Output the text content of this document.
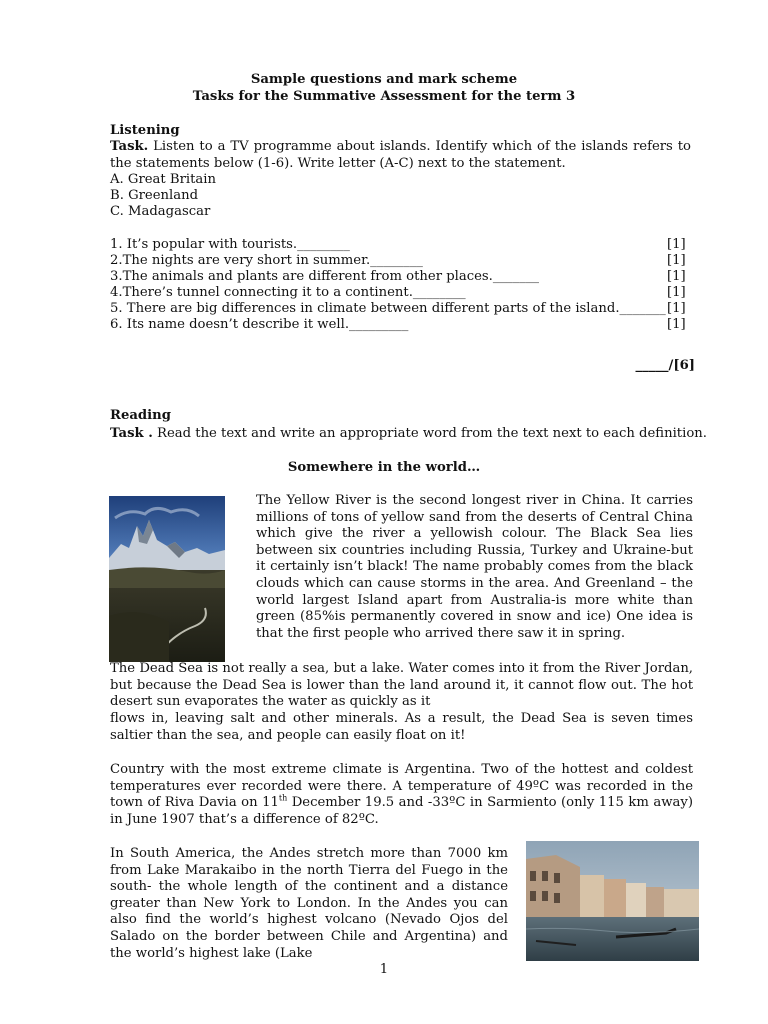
Sample questions and mark scheme
Tasks for the Summative Assessment for the term 3
Listening
Task. Listen to a TV programme about islands. Identify which of the islands refers to the statements below (1-6). Write letter (A-C) next to the statement.
A. Great Britain
B. Greenland
C. Madagascar
1. It’s popular with tourists.________	[1]
2.The nights are very short in summer.________	[1]
3.The animals and plants are different from other places._______	[1]
4.There’s tunnel connecting it to a continent.________	[1]
5. There are big differences in climate between different parts of the island._______ [1]
6. Its name doesn’t describe it well._________	[1]
_____/[6]
Reading
Task . Read the text and write an appropriate word from the text next to each definition.
Somewhere in the world…
The Yellow River is the second longest river in China. It carries millions of tons of yellow sand from the deserts of Central China which give the river a yellowish colour. The Black Sea lies between six countries including Russia, Turkey and Ukraine-but it certainly isn’t black! The name probably comes from the black clouds which can cause storms in the area. And Greenland – the world largest Island apart from Australia-is more white than green (85%is permanently covered in snow and ice) One idea is that the first people who arrived there saw it in spring.
The Dead Sea is not really a sea, but a lake. Water comes into it from the River Jordan, but because the Dead Sea is lower than the land around it, it cannot flow out. The hot desert sun evaporates the water as quickly as it
flows in, leaving salt and other minerals. As a result, the Dead Sea is seven times saltier than the sea, and people can easily float on it!
Country with the most extreme climate is Argentina. Two of the hottest and coldest temperatures ever recorded were there. A temperature of 49ºC was recorded in the town of Riva Davia on 11th December 19.5 and -33ºC in Sarmiento (only 115 km away) in June 1907 that’s a difference of 82ºC.
In South America, the Andes stretch more than 7000 km from Lake Marakaibo in the north Tierra del Fuego in the south- the whole length of the continent and a distance greater than New York to London. In the Andes you can also find the world’s highest volcano (Nevado Ojos del Salado on the border between Chile and Argentina) and the world’s highest lake (Lake
1
